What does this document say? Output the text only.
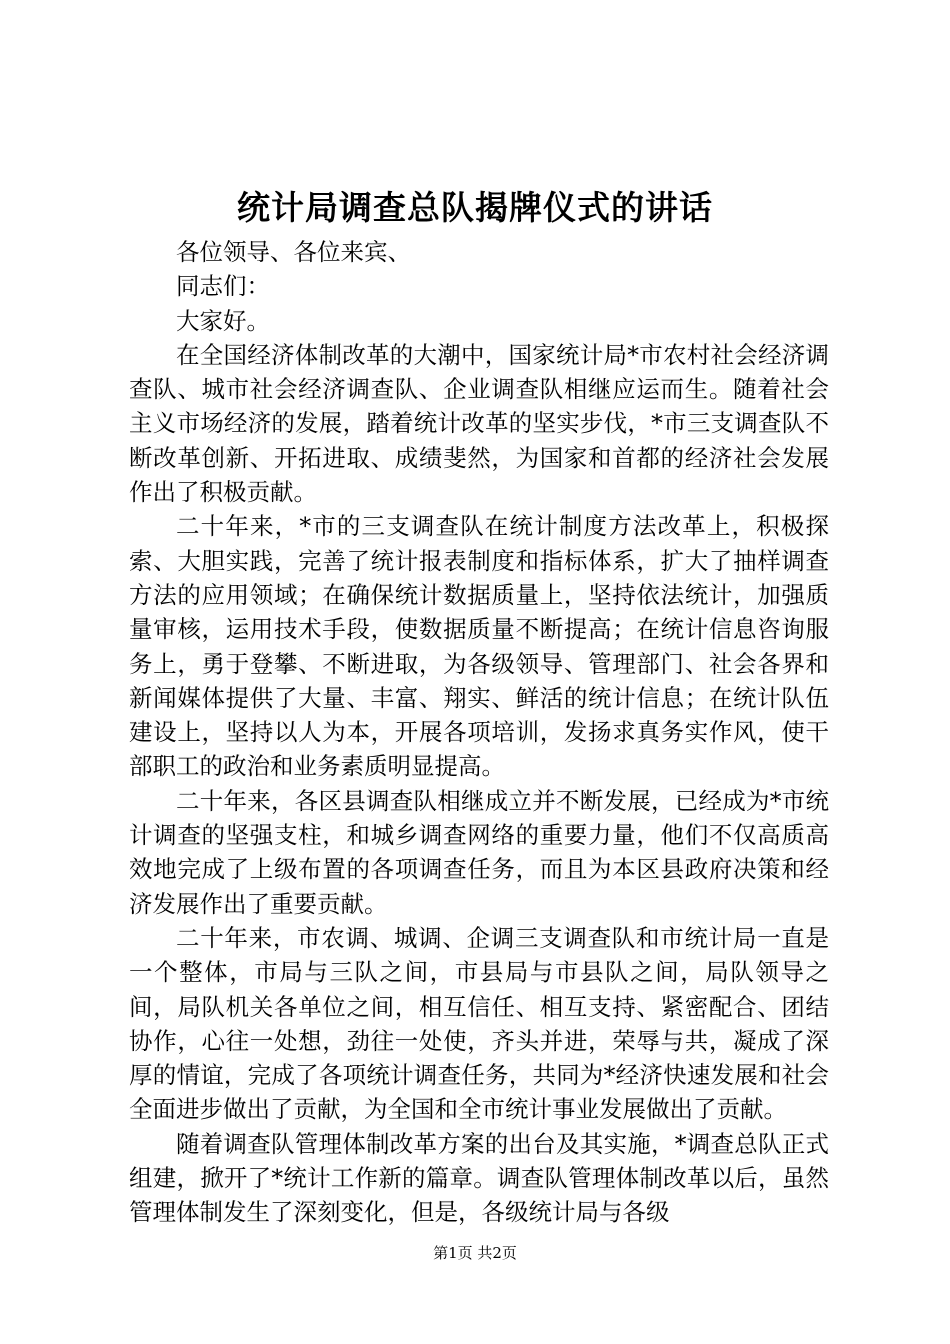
统计局调查总队揭牌仪式的讲话

各位领导、各位来宾、

同志们：

大家好。

在全国经济体制改革的大潮中，国家统计局*市农村社会经济调查队、城市社会经济调查队、企业调查队相继应运而生。随着社会主义市场经济的发展，踏着统计改革的坚实步伐，*市三支调查队不断改革创新、开拓进取、成绩斐然，为国家和首都的经济社会发展作出了积极贡献。

二十年来，*市的三支调查队在统计制度方法改革上，积极探索、大胆实践，完善了统计报表制度和指标体系，扩大了抽样调查方法的应用领域；在确保统计数据质量上，坚持依法统计，加强质量审核，运用技术手段，使数据质量不断提高；在统计信息咨询服务上，勇于登攀、不断进取，为各级领导、管理部门、社会各界和新闻媒体提供了大量、丰富、翔实、鲜活的统计信息；在统计队伍建设上，坚持以人为本，开展各项培训，发扬求真务实作风，使干部职工的政治和业务素质明显提高。

二十年来，各区县调查队相继成立并不断发展，已经成为*市统计调查的坚强支柱，和城乡调查网络的重要力量，他们不仅高质高效地完成了上级布置的各项调查任务，而且为本区县政府决策和经济发展作出了重要贡献。

二十年来，市农调、城调、企调三支调查队和市统计局一直是一个整体，市局与三队之间，市县局与市县队之间，局队领导之间，局队机关各单位之间，相互信任、相互支持、紧密配合、团结协作，心往一处想，劲往一处使，齐头并进，荣辱与共，凝成了深厚的情谊，完成了各项统计调查任务，共同为*经济快速发展和社会全面进步做出了贡献，为全国和全市统计事业发展做出了贡献。

随着调查队管理体制改革方案的出台及其实施，*调查总队正式组建，掀开了*统计工作新的篇章。调查队管理体制改革以后，虽然管理体制发生了深刻变化，但是，各级统计局与各级

第1页 共2页
